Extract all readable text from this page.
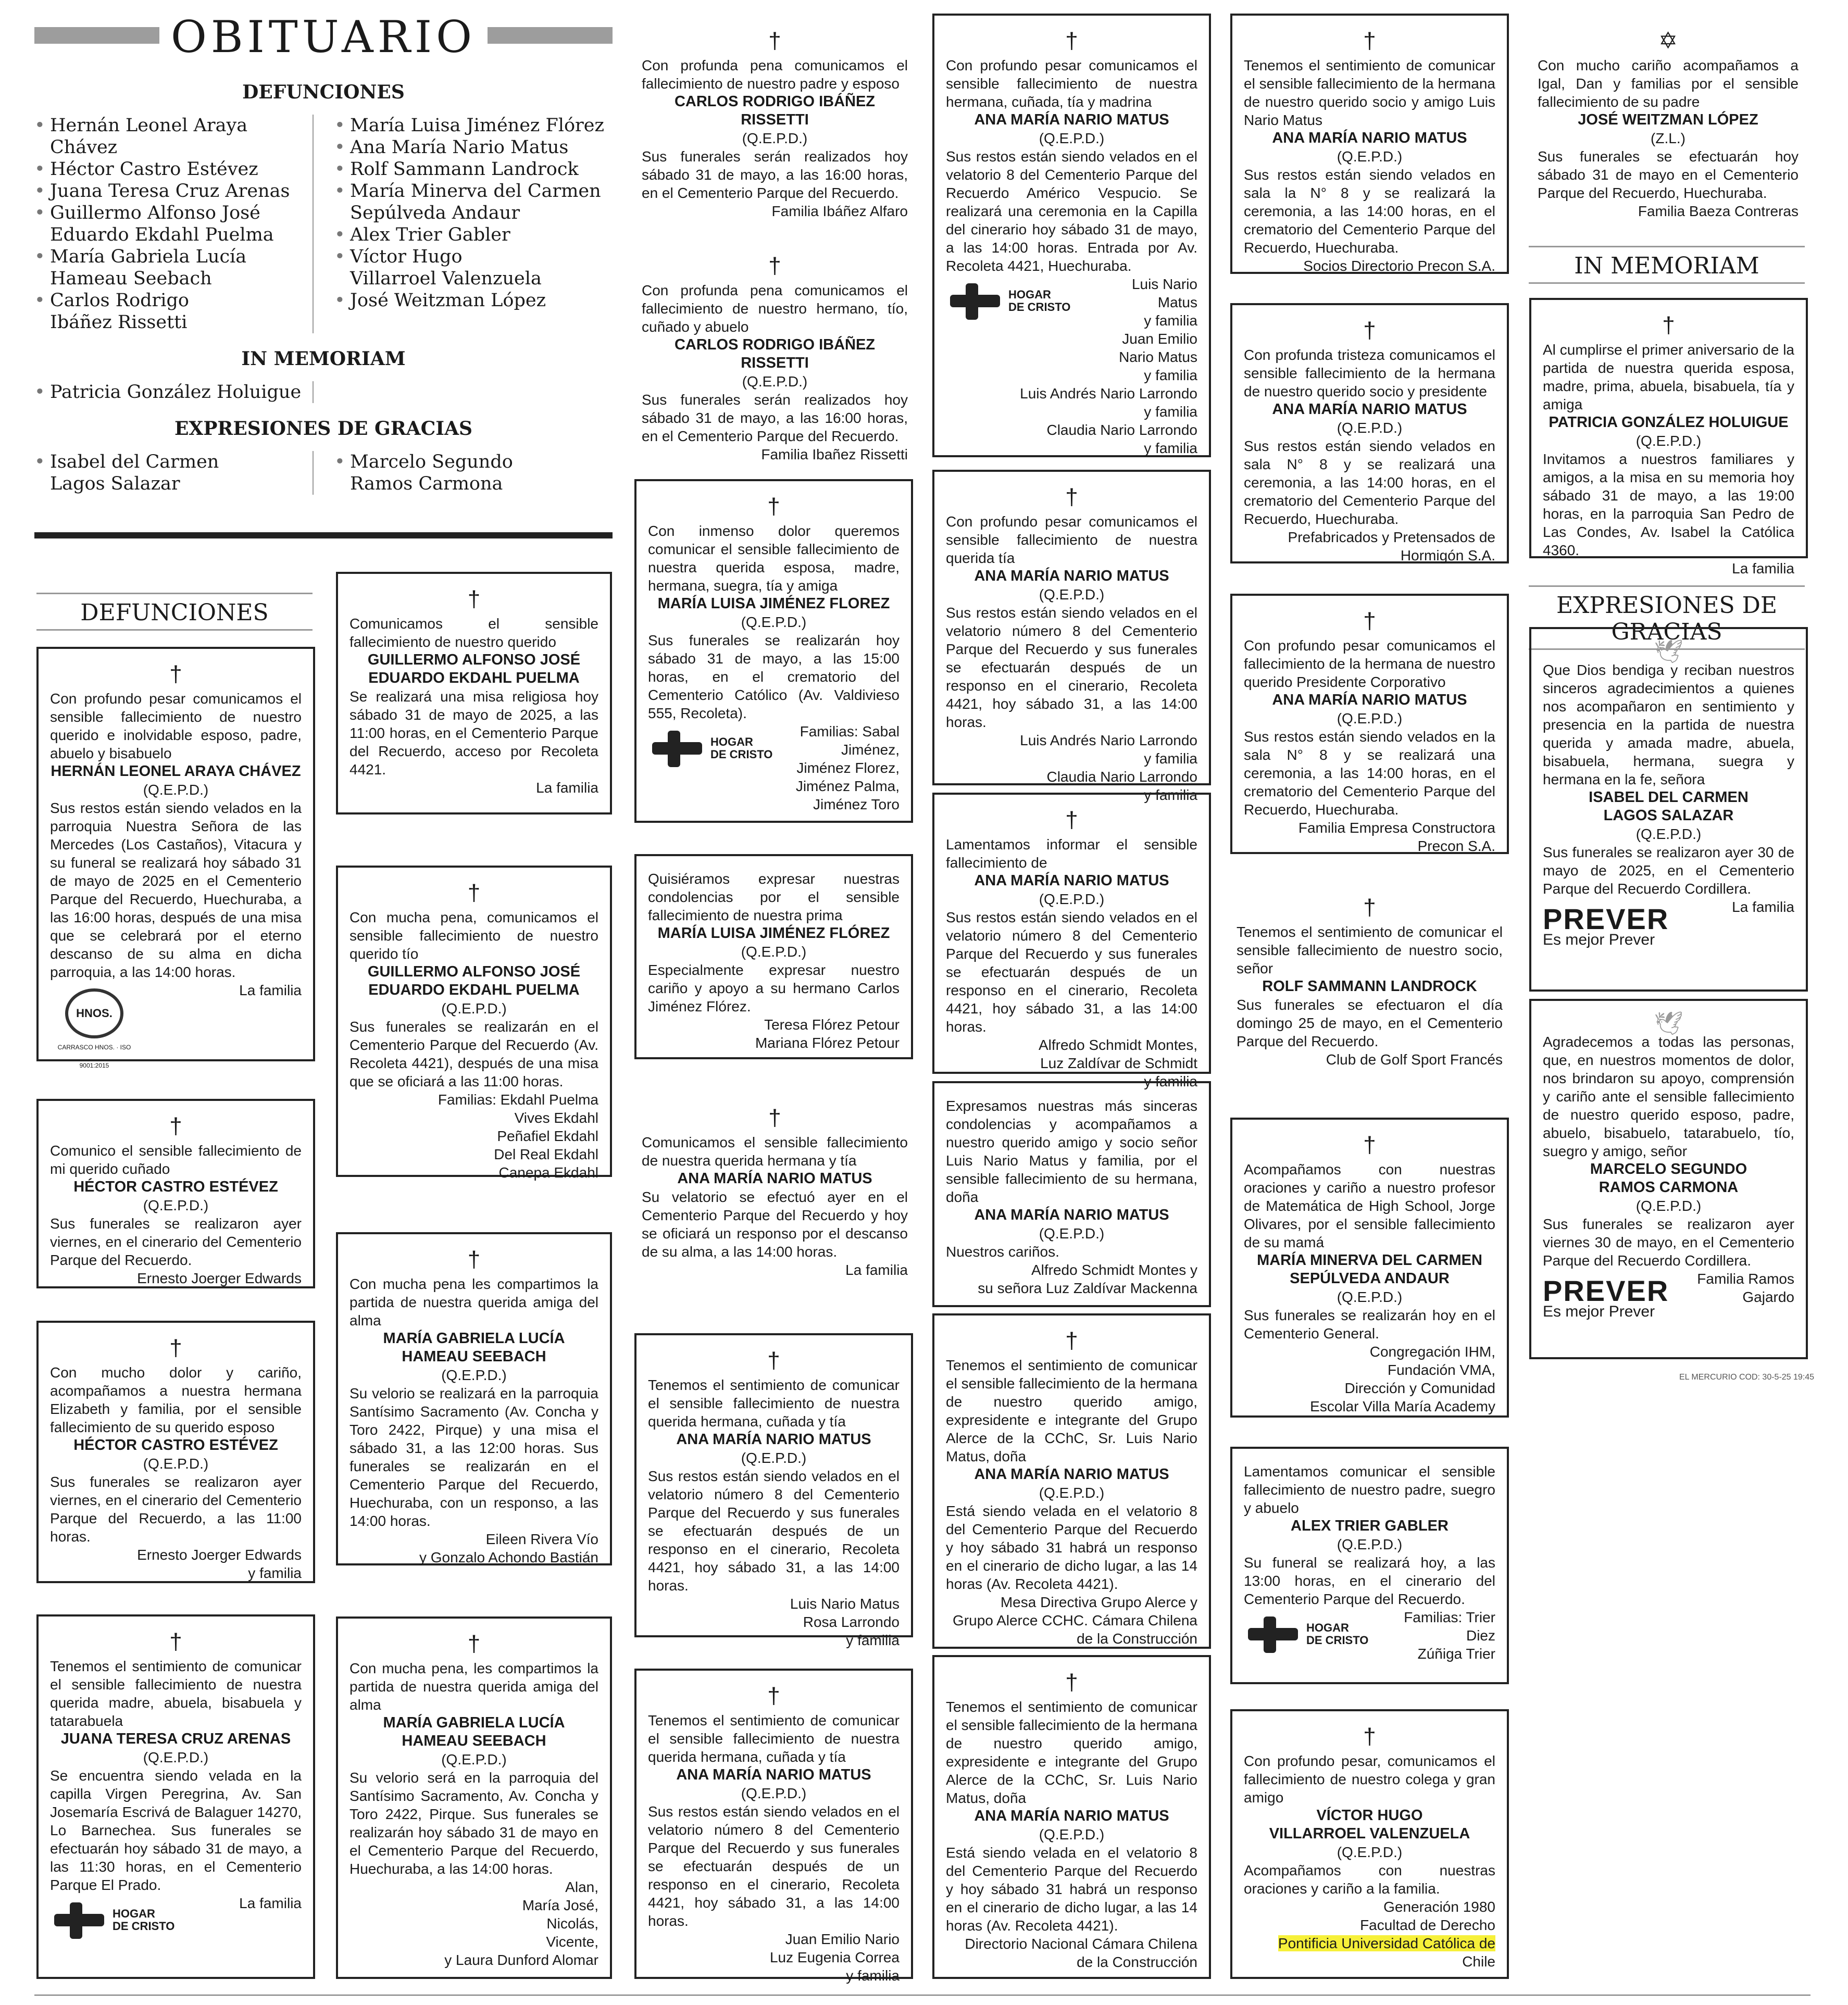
OBITUARIO
DEFUNCIONES
• Hernán Leonel Araya Chávez
• Héctor Castro Estévez
• Juana Teresa Cruz Arenas
• Guillermo Alfonso José
Eduardo Ekdahl Puelma
• María Gabriela Lucía
Hameau Seebach
• Carlos Rodrigo
Ibáñez Rissetti
• María Luisa Jiménez Flórez
• Ana María Nario Matus
• Rolf Sammann Landrock
• María Minerva del Carmen
Sepúlveda Andaur
• Alex Trier Gabler
• Víctor Hugo
Villarroel Valenzuela
• José Weitzman López
IN MEMORIAM
• Patricia González Holuigue
EXPRESIONES DE GRACIAS
• Isabel del Carmen
Lagos Salazar
• Marcelo Segundo
Ramos Carmona
DEFUNCIONES
IN MEMORIAM
EXPRESIONES DE GRACIAS
†
Con profundo pesar comunicamos el sensible fallecimiento de nuestro querido e inolvidable esposo, padre, abuelo y bisabuelo
HERNÁN LEONEL ARAYA CHÁVEZ
(Q.E.P.D.)
Sus restos están siendo velados en la parroquia Nuestra Señora de las Mercedes (Los Castaños), Vitacura y su funeral se realizará hoy sábado 31 de mayo de 2025 en el Cementerio Parque del Recuerdo, Huechuraba, a las 16:00 horas, después de una misa que se celebrará por el eterno descanso de su alma en dicha parroquia, a las 14:00 horas.
HNOS.
CARRASCO HNOS. · ISO 9001:2015
La familia
†
Comunico el sensible fallecimiento de mi querido cuñado
HÉCTOR CASTRO ESTÉVEZ
(Q.E.P.D.)
Sus funerales se realizaron ayer viernes, en el cinerario del Cementerio Parque del Recuerdo.
Ernesto Joerger Edwards
†
Con mucho dolor y cariño, acompañamos a nuestra hermana Elizabeth y familia, por el sensible fallecimiento de su querido esposo
HÉCTOR CASTRO ESTÉVEZ
(Q.E.P.D.)
Sus funerales se realizaron ayer viernes, en el cinerario del Cementerio Parque del Recuerdo, a las 11:00 horas.
Ernesto Joerger Edwards
y familia
†
Tenemos el sentimiento de comunicar el sensible fallecimiento de nuestra querida madre, abuela, bisabuela y tatarabuela
JUANA TERESA CRUZ ARENAS
(Q.E.P.D.)
Se encuentra siendo velada en la capilla Virgen Peregrina, Av. San Josemaría Escrivá de Balaguer 14270, Lo Barnechea. Sus funerales se efectuarán hoy sábado 31 de mayo, a las 11:30 horas, en el Cementerio Parque El Prado.
HOGAR
DE CRISTO
La familia
†
Comunicamos el sensible fallecimiento de nuestro querido
GUILLERMO ALFONSO JOSÉ
EDUARDO EKDAHL PUELMA
Se realizará una misa religiosa hoy sábado 31 de mayo de 2025, a las 11:00 horas, en el Cementerio Parque del Recuerdo, acceso por Recoleta 4421.
La familia
†
Con mucha pena, comunicamos el sensible fallecimiento de nuestro querido tío
GUILLERMO ALFONSO JOSÉ
EDUARDO EKDAHL PUELMA
(Q.E.P.D.)
Sus funerales se realizarán en el Cementerio Parque del Recuerdo (Av. Recoleta 4421), después de una misa que se oficiará a las 11:00 horas.
Familias: Ekdahl Puelma
Vives Ekdahl
Peñafiel Ekdahl
Del Real Ekdahl
Canepa Ekdahl
†
Con mucha pena les compartimos la partida de nuestra querida amiga del alma
MARÍA GABRIELA LUCÍA
HAMEAU SEEBACH
(Q.E.P.D.)
Su velorio se realizará en la parroquia Santísimo Sacramento (Av. Concha y Toro 2422, Pirque) y una misa el sábado 31, a las 12:00 horas. Sus funerales se realizarán en el Cementerio Parque del Recuerdo, Huechuraba, con un responso, a las 14:00 horas.
Eileen Rivera Vío
y Gonzalo Achondo Bastián
†
Con mucha pena, les compartimos la partida de nuestra querida amiga del alma
MARÍA GABRIELA LUCÍA
HAMEAU SEEBACH
(Q.E.P.D.)
Su velorio será en la parroquia del Santísimo Sacramento, Av. Concha y Toro 2422, Pirque. Sus funerales se realizarán hoy sábado 31 de mayo en el Cementerio Parque del Recuerdo, Huechuraba, a las 14:00 horas.
Alan,
María José,
Nicolás,
Vicente,
y Laura Dunford Alomar
†
Con profunda pena comunicamos el fallecimiento de nuestro padre y esposo
CARLOS RODRIGO IBÁÑEZ RISSETTI
(Q.E.P.D.)
Sus funerales serán realizados hoy sábado 31 de mayo, a las 16:00 horas, en el Cementerio Parque del Recuerdo.
Familia Ibáñez Alfaro
†
Con profunda pena comunicamos el fallecimiento de nuestro hermano, tío, cuñado y abuelo
CARLOS RODRIGO IBÁÑEZ RISSETTI
(Q.E.P.D.)
Sus funerales serán realizados hoy sábado 31 de mayo, a las 16:00 horas, en el Cementerio Parque del Recuerdo.
Familia Ibañez Rissetti
†
Con inmenso dolor queremos comunicar el sensible fallecimiento de nuestra querida esposa, madre, hermana, suegra, tía y amiga
MARÍA LUISA JIMÉNEZ FLOREZ
(Q.E.P.D.)
Sus funerales se realizarán hoy sábado 31 de mayo, a las 15:00 horas, en el crematorio del Cementerio Católico (Av. Valdivieso 555, Recoleta).
HOGAR
DE CRISTO
Familias: Sabal
Jiménez,
Jiménez Florez,
Jiménez Palma,
Jiménez Toro
Quisiéramos expresar nuestras condolencias por el sensible fallecimiento de nuestra prima
MARÍA LUISA JIMÉNEZ FLÓREZ
(Q.E.P.D.)
Especialmente expresar nuestro cariño y apoyo a su hermano Carlos Jiménez Flórez.
Teresa Flórez Petour
Mariana Flórez Petour
†
Comunicamos el sensible fallecimiento de nuestra querida hermana y tía
ANA MARÍA NARIO MATUS
Su velatorio se efectuó ayer en el Cementerio Parque del Recuerdo y hoy se oficiará un responso por el descanso de su alma, a las 14:00 horas.
La familia
†
Tenemos el sentimiento de comunicar el sensible fallecimiento de nuestra querida hermana, cuñada y tía
ANA MARÍA NARIO MATUS
(Q.E.P.D.)
Sus restos están siendo velados en el velatorio número 8 del Cementerio Parque del Recuerdo y sus funerales se efectuarán después de un responso en el cinerario, Recoleta 4421, hoy sábado 31, a las 14:00 horas.
Luis Nario Matus
Rosa Larrondo
y familia
†
Tenemos el sentimiento de comunicar el sensible fallecimiento de nuestra querida hermana, cuñada y tía
ANA MARÍA NARIO MATUS
(Q.E.P.D.)
Sus restos están siendo velados en el velatorio número 8 del Cementerio Parque del Recuerdo y sus funerales se efectuarán después de un responso en el cinerario, Recoleta 4421, hoy sábado 31, a las 14:00 horas.
Juan Emilio Nario
Luz Eugenia Correa
y familia
†
Con profundo pesar comunicamos el sensible fallecimiento de nuestra hermana, cuñada, tía y madrina
ANA MARÍA NARIO MATUS
(Q.E.P.D.)
Sus restos están siendo velados en el velatorio 8 del Cementerio Parque del Recuerdo Américo Vespucio. Se realizará una ceremonia en la Capilla del cinerario hoy sábado 31 de mayo, a las 14:00 horas. Entrada por Av. Recoleta 4421, Huechuraba.
HOGAR
DE CRISTO
Luis Nario
Matus
y familia
Juan Emilio
Nario Matus
y familia
Luis Andrés Nario Larrondo
y familia
Claudia Nario Larrondo
y familia
†
Con profundo pesar comunicamos el sensible fallecimiento de nuestra querida tía
ANA MARÍA NARIO MATUS
(Q.E.P.D.)
Sus restos están siendo velados en el velatorio número 8 del Cementerio Parque del Recuerdo y sus funerales se efectuarán después de un responso en el cinerario, Recoleta 4421, hoy sábado 31, a las 14:00 horas.
Luis Andrés Nario Larrondo
y familia
Claudia Nario Larrondo
y familia
†
Lamentamos informar el sensible fallecimiento de
ANA MARÍA NARIO MATUS
(Q.E.P.D.)
Sus restos están siendo velados en el velatorio número 8 del Cementerio Parque del Recuerdo y sus funerales se efectuarán después de un responso en el cinerario, Recoleta 4421, hoy sábado 31, a las 14:00 horas.
Alfredo Schmidt Montes,
Luz Zaldívar de Schmidt
y familia
Expresamos nuestras más sinceras condolencias y acompañamos a nuestro querido amigo y socio señor Luis Nario Matus y familia, por el sensible fallecimiento de su hermana, doña
ANA MARÍA NARIO MATUS
(Q.E.P.D.)
Nuestros cariños.
Alfredo Schmidt Montes y
su señora Luz Zaldívar Mackenna
†
Tenemos el sentimiento de comunicar el sensible fallecimiento de la hermana de nuestro querido amigo, expresidente e integrante del Grupo Alerce de la CChC, Sr. Luis Nario Matus, doña
ANA MARÍA NARIO MATUS
(Q.E.P.D.)
Está siendo velada en el velatorio 8 del Cementerio Parque del Recuerdo y hoy sábado 31 habrá un responso en el cinerario de dicho lugar, a las 14 horas (Av. Recoleta 4421).
Mesa Directiva Grupo Alerce y
Grupo Alerce CCHC. Cámara Chilena
de la Construcción
†
Tenemos el sentimiento de comunicar el sensible fallecimiento de la hermana de nuestro querido amigo, expresidente e integrante del Grupo Alerce de la CChC, Sr. Luis Nario Matus, doña
ANA MARÍA NARIO MATUS
(Q.E.P.D.)
Está siendo velada en el velatorio 8 del Cementerio Parque del Recuerdo y hoy sábado 31 habrá un responso en el cinerario de dicho lugar, a las 14 horas (Av. Recoleta 4421).
Directorio Nacional Cámara Chilena
de la Construcción
†
Tenemos el sentimiento de comunicar el sensible fallecimiento de la hermana de nuestro querido socio y amigo Luis Nario Matus
ANA MARÍA NARIO MATUS
(Q.E.P.D.)
Sus restos están siendo velados en sala la N° 8 y se realizará la ceremonia, a las 14:00 horas, en el crematorio del Cementerio Parque del Recuerdo, Huechuraba.
Socios Directorio Precon S.A.
†
Con profunda tristeza comunicamos el sensible fallecimiento de la hermana de nuestro querido socio y presidente
ANA MARÍA NARIO MATUS
(Q.E.P.D.)
Sus restos están siendo velados en sala N° 8 y se realizará una ceremonia, a las 14:00 horas, en el crematorio del Cementerio Parque del Recuerdo, Huechuraba.
Prefabricados y Pretensados de
Hormigón S.A.
†
Con profundo pesar comunicamos el fallecimiento de la hermana de nuestro querido Presidente Corporativo
ANA MARÍA NARIO MATUS
(Q.E.P.D.)
Sus restos están siendo velados en la sala N° 8 y se realizará una ceremonia, a las 14:00 horas, en el crematorio del Cementerio Parque del Recuerdo, Huechuraba.
Familia Empresa Constructora
Precon S.A.
†
Tenemos el sentimiento de comunicar el sensible fallecimiento de nuestro socio, señor
ROLF SAMMANN LANDROCK
Sus funerales se efectuaron el día domingo 25 de mayo, en el Cementerio Parque del Recuerdo.
Club de Golf Sport Francés
†
Acompañamos con nuestras oraciones y cariño a nuestro profesor de Matemática de High School, Jorge Olivares, por el sensible fallecimiento de su mamá
MARÍA MINERVA DEL CARMEN
SEPÚLVEDA ANDAUR
(Q.E.P.D.)
Sus funerales se realizarán hoy en el Cementerio General.
Congregación IHM,
Fundación VMA,
Dirección y Comunidad
Escolar Villa María Academy
Lamentamos comunicar el sensible fallecimiento de nuestro padre, suegro y abuelo
ALEX TRIER GABLER
(Q.E.P.D.)
Su funeral se realizará hoy, a las 13:00 horas, en el cinerario del Cementerio Parque del Recuerdo.
HOGAR
DE CRISTO
Familias: Trier
Diez
Zúñiga Trier
†
Con profundo pesar, comunicamos el fallecimiento de nuestro colega y gran amigo
VÍCTOR HUGO
VILLARROEL VALENZUELA
(Q.E.P.D.)
Acompañamos con nuestras oraciones y cariño a la familia.
Generación 1980
Facultad de Derecho
Pontificia Universidad Católica de
Chile
✡
Con mucho cariño acompañamos a Igal, Dan y familias por el sensible fallecimiento de su padre
JOSÉ WEITZMAN LÓPEZ
(Z.L.)
Sus funerales se efectuarán hoy sábado 31 de mayo en el Cementerio Parque del Recuerdo, Huechuraba.
Familia Baeza Contreras
†
Al cumplirse el primer aniversario de la partida de nuestra querida esposa, madre, prima, abuela, bisabuela, tía y amiga
PATRICIA GONZÁLEZ HOLUIGUE
(Q.E.P.D.)
Invitamos a nuestros familiares y amigos, a la misa en su memoria hoy sábado 31 de mayo, a las 19:00 horas, en la parroquia San Pedro de Las Condes, Av. Isabel la Católica 4360.
La familia
🕊
Que Dios bendiga y reciban nuestros sinceros agradecimientos a quienes nos acompañaron en sentimiento y presencia en la partida de nuestra querida y amada madre, abuela, bisabuela, hermana, suegra y hermana en la fe, señora
ISABEL DEL CARMEN
LAGOS SALAZAR
(Q.E.P.D.)
Sus funerales se realizaron ayer 30 de mayo de 2025, en el Cementerio Parque del Recuerdo Cordillera.
PREVER
Es mejor Prever
La familia
🕊
Agradecemos a todas las personas, que, en nuestros momentos de dolor, nos brindaron su apoyo, comprensión y cariño ante el sensible fallecimiento de nuestro querido esposo, padre, abuelo, bisabuelo, tatarabuelo, tío, suegro y amigo, señor
MARCELO SEGUNDO
RAMOS CARMONA
(Q.E.P.D.)
Sus funerales se realizaron ayer viernes 30 de mayo, en el Cementerio Parque del Recuerdo Cordillera.
PREVER
Es mejor Prever
Familia Ramos
Gajardo
EL MERCURIO COD: 30-5-25 19:45
